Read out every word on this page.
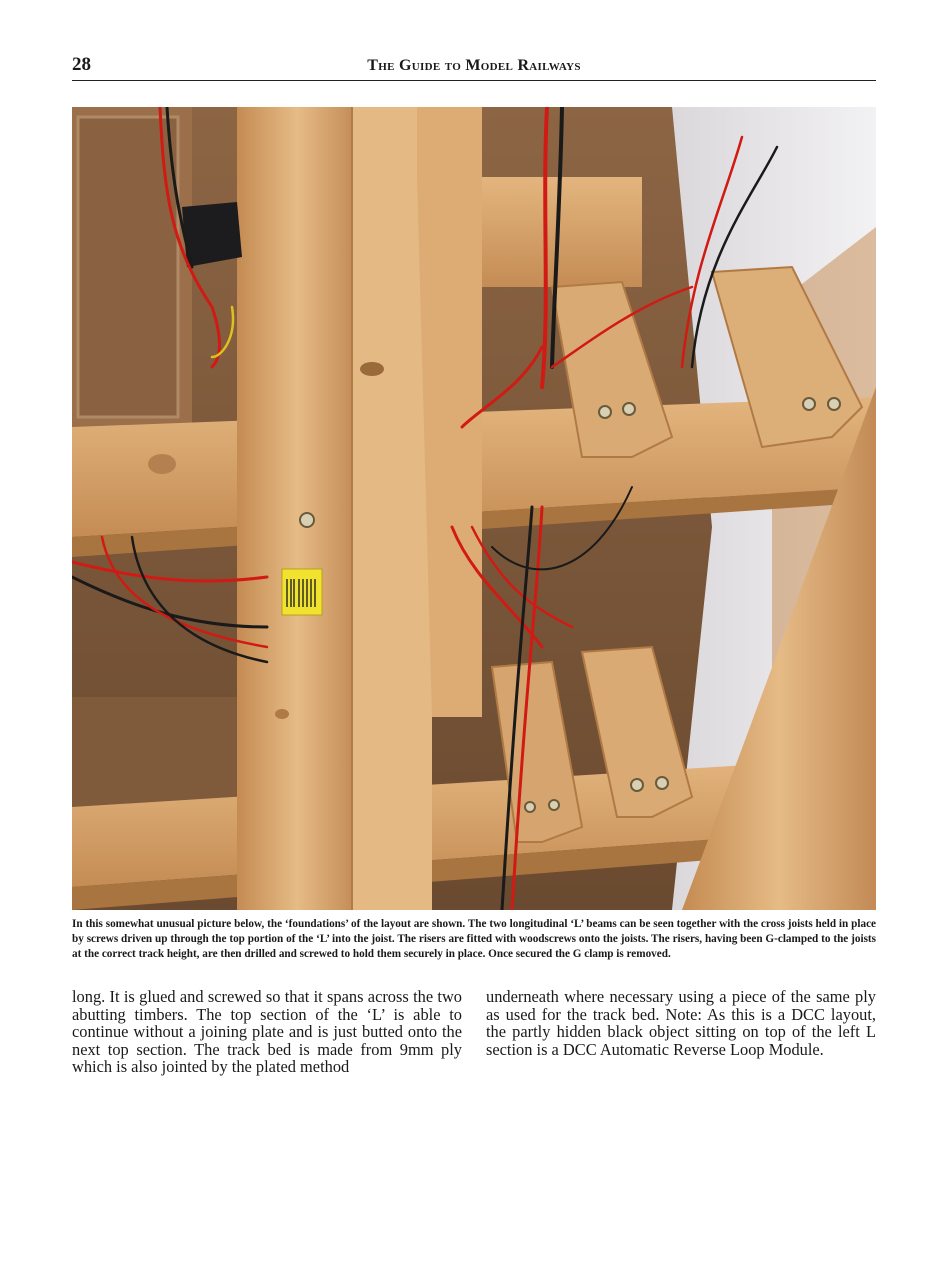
28	The Guide to Model Railways
In this somewhat unusual picture below, the ‘foundations’ of the layout are shown. The two longitudinal ‘L’ beams can be seen together with the cross joists held in place by screws driven up through the top portion of the ‘L’ into the joist. The risers are fitted with woodscrews onto the joists. The risers, having been G-clamped to the joists at the correct track height, are then drilled and screwed to hold them securely in place. Once secured the G clamp is removed.
long. It is glued and screwed so that it spans across the two abutting timbers. The top section of the ‘L’ is able to continue without a joining plate and is just butted onto the next top section. The track bed is made from 9mm ply which is also jointed by the plated method
underneath where necessary using a piece of the same ply as used for the track bed. Note: As this is a DCC layout, the partly hidden black object sitting on top of the left L section is a DCC Automatic Reverse Loop Module.
